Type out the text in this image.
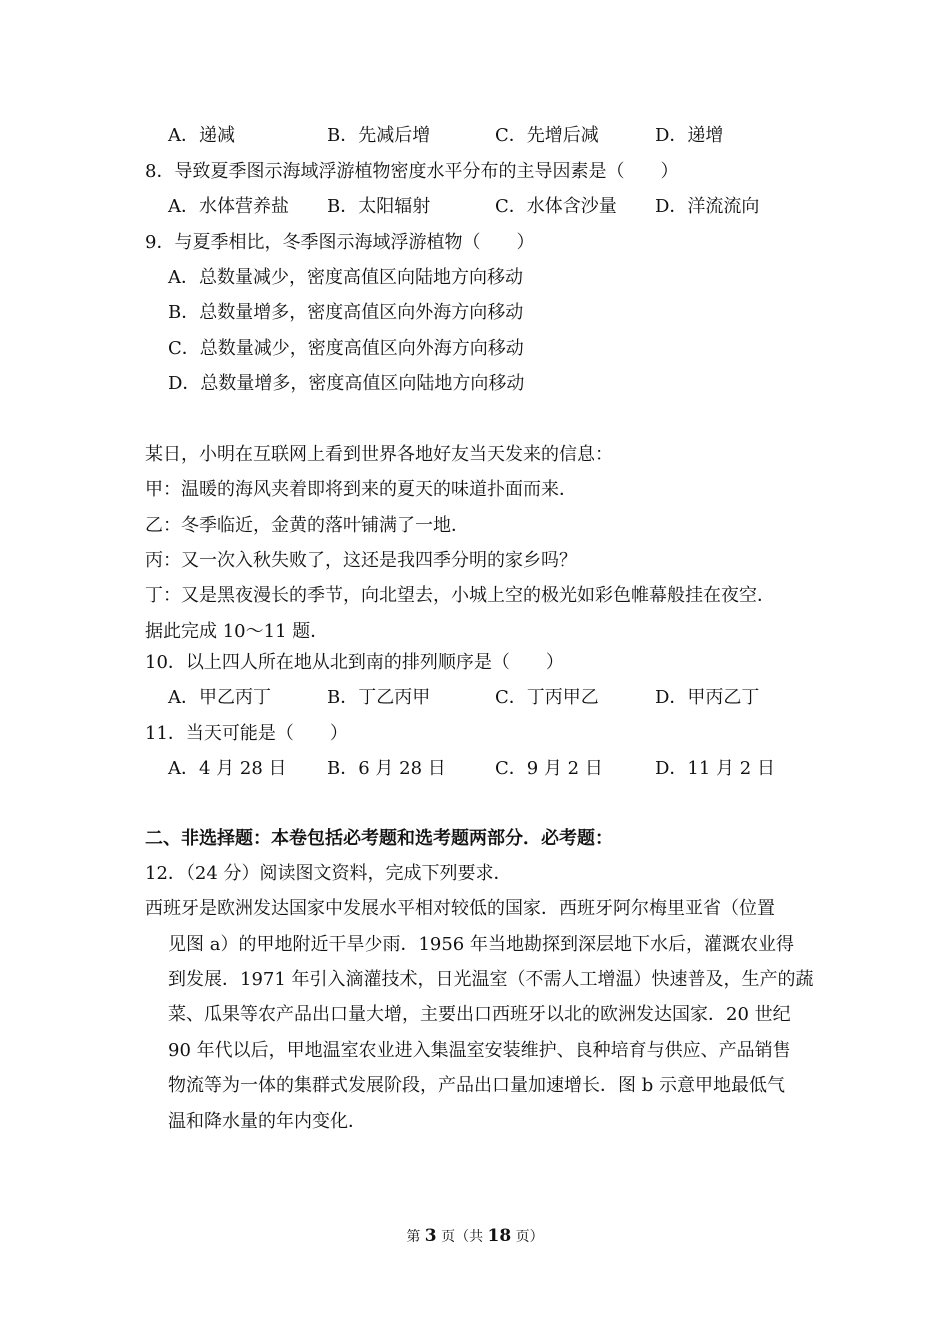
A．递减	B．先减后增	C．先增后减	D．递增
8．导致夏季图示海域浮游植物密度水平分布的主导因素是（　　）
A．水体营养盐 B．太阳辐射	C．水体含沙量 D．洋流流向
9．与夏季相比，冬季图示海域浮游植物（　　）
A．总数量减少，密度高值区向陆地方向移动
B．总数量增多，密度高值区向外海方向移动
C．总数量减少，密度高值区向外海方向移动
D．总数量增多，密度高值区向陆地方向移动
某日，小明在互联网上看到世界各地好友当天发来的信息：
甲：温暖的海风夹着即将到来的夏天的味道扑面而来．
乙：冬季临近，金黄的落叶铺满了一地．
丙：又一次入秋失败了，这还是我四季分明的家乡吗？
丁：又是黑夜漫长的季节，向北望去，小城上空的极光如彩色帷幕般挂在夜空．
据此完成 10～11 题．
10．以上四人所在地从北到南的排列顺序是（　　）
A．甲乙丙丁	B．丁乙丙甲	C．丁丙甲乙	D．甲丙乙丁
11．当天可能是（　　）
A．4 月 28 日 B．6 月 28 日	C．9 月 2 日	D．11 月 2 日
二、非选择题：本卷包括必考题和选考题两部分．必考题：
12．（24 分）阅读图文资料，完成下列要求．
西班牙是欧洲发达国家中发展水平相对较低的国家．西班牙阿尔梅里亚省（位置
见图 a）的甲地附近干旱少雨．1956 年当地勘探到深层地下水后，灌溉农业得
到发展．1971 年引入滴灌技术，日光温室（不需人工增温）快速普及，生产的蔬
菜、瓜果等农产品出口量大增，主要出口西班牙以北的欧洲发达国家．20 世纪
90 年代以后，甲地温室农业进入集温室安装维护、良种培育与供应、产品销售
物流等为一体的集群式发展阶段，产品出口量加速增长．图 b 示意甲地最低气
温和降水量的年内变化．
第 3 页（共 18 页）
